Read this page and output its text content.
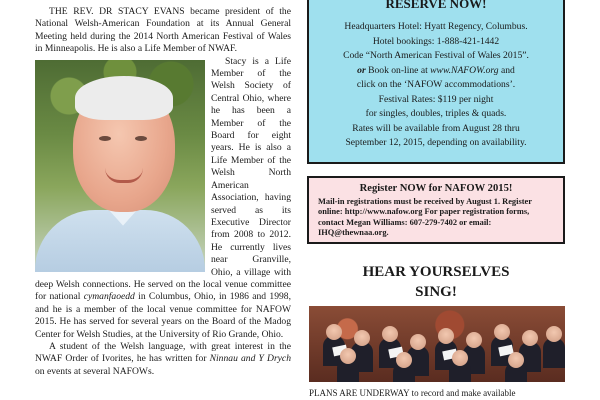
THE REV. DR STACY EVANS became president of the National Welsh-American Foundation at its Annual General Meeting held during the 2014 North American Festival of Wales in Minneapolis. He is also a Life Member of NWAF.

Stacy is a Life Member of the Welsh Society of Central Ohio, where he has been a Member of the Board for eight years. He is also a Life Member of the Welsh North American Association, having served as its Executive Director from 2008 to 2012. He currently lives near Granville, Ohio, a village with deep Welsh connections. He served on the local venue committee for national cymanfaoedd in Columbus, Ohio, in 1986 and 1998, and he is a member of the local venue committee for NAFOW 2015. He has served for several years on the Board of the Madog Center for Welsh Studies, at the University of Rio Grande, Ohio.

A student of the Welsh language, with great interest in the NWAF Order of Ivorites, he has written for Ninnau and Y Drych on events at several NAFOWs.

RESERVE NOW!
Headquarters Hotel: Hyatt Regency, Columbus.
Hotel bookings: 1-888-421-1442
Code “North American Festival of Wales 2015”.
or Book on-line at www.NAFOW.org and
click on the ‘NAFOW accommodations’.
Festival Rates: $119 per night
for singles, doubles, triples & quads.
Rates will be available from August 28 thru
September 12, 2015, depending on availability.
Register NOW for NAFOW 2015!
Mail-in registrations must be received by August 1. Register online: http://www.nafow.org For paper registration forms, contact Megan Williams: 607-279-7402 or email: IHQ@thewnaa.org.
HEAR YOURSELVES
SING!
PLANS ARE UNDERWAY to record and make available
